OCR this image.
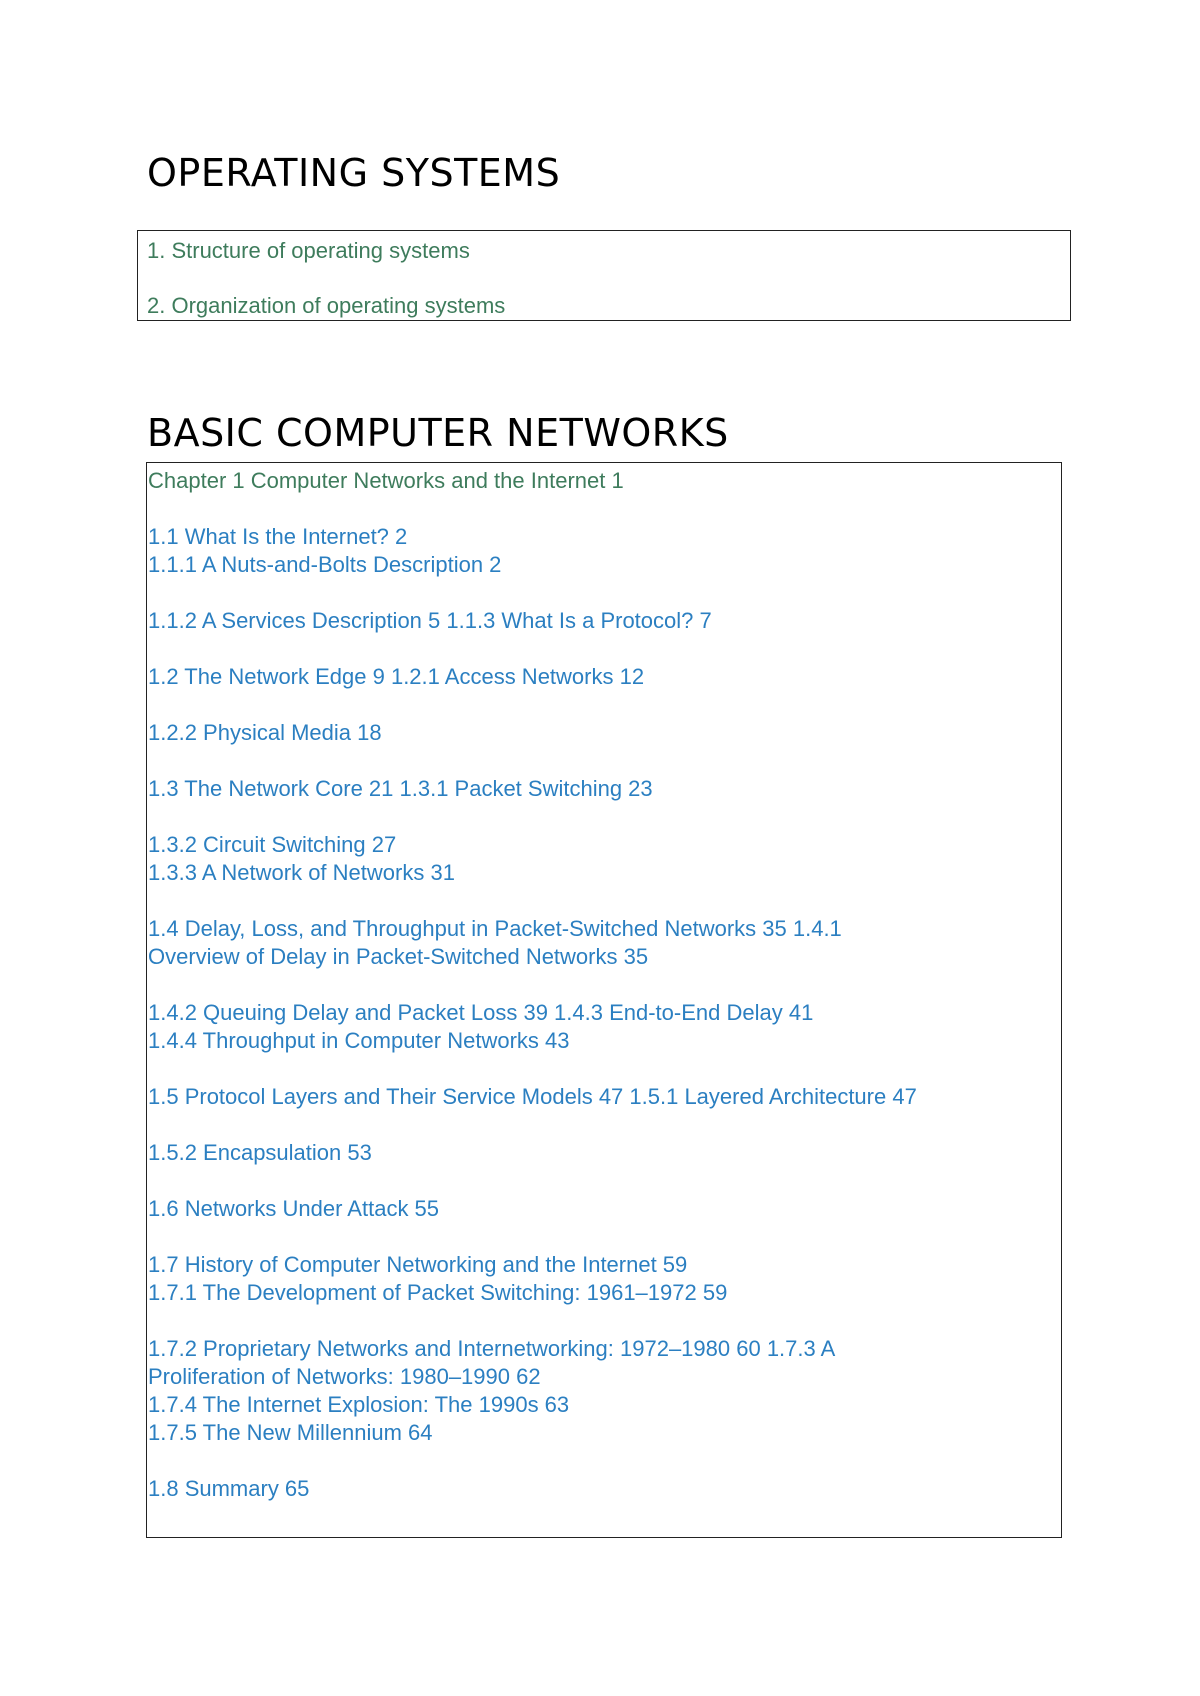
OPERATING SYSTEMS
1. Structure of operating systems
2. Organization of operating systems
BASIC COMPUTER NETWORKS
Chapter 1 Computer Networks and the Internet 1
1.1 What Is the Internet? 2
1.1.1 A Nuts-and-Bolts Description 2
1.1.2 A Services Description 5 1.1.3 What Is a Protocol? 7
1.2 The Network Edge 9 1.2.1 Access Networks 12
1.2.2 Physical Media 18
1.3 The Network Core 21 1.3.1 Packet Switching 23
1.3.2 Circuit Switching 27
1.3.3 A Network of Networks 31
1.4 Delay, Loss, and Throughput in Packet-Switched Networks 35 1.4.1
Overview of Delay in Packet-Switched Networks 35
1.4.2 Queuing Delay and Packet Loss 39 1.4.3 End-to-End Delay 41
1.4.4 Throughput in Computer Networks 43
1.5 Protocol Layers and Their Service Models 47 1.5.1 Layered Architecture 47
1.5.2 Encapsulation 53
1.6 Networks Under Attack 55
1.7 History of Computer Networking and the Internet 59
1.7.1 The Development of Packet Switching: 1961–1972 59
1.7.2 Proprietary Networks and Internetworking: 1972–1980 60 1.7.3 A
Proliferation of Networks: 1980–1990 62
1.7.4 The Internet Explosion: The 1990s 63
1.7.5 The New Millennium 64
1.8 Summary 65
